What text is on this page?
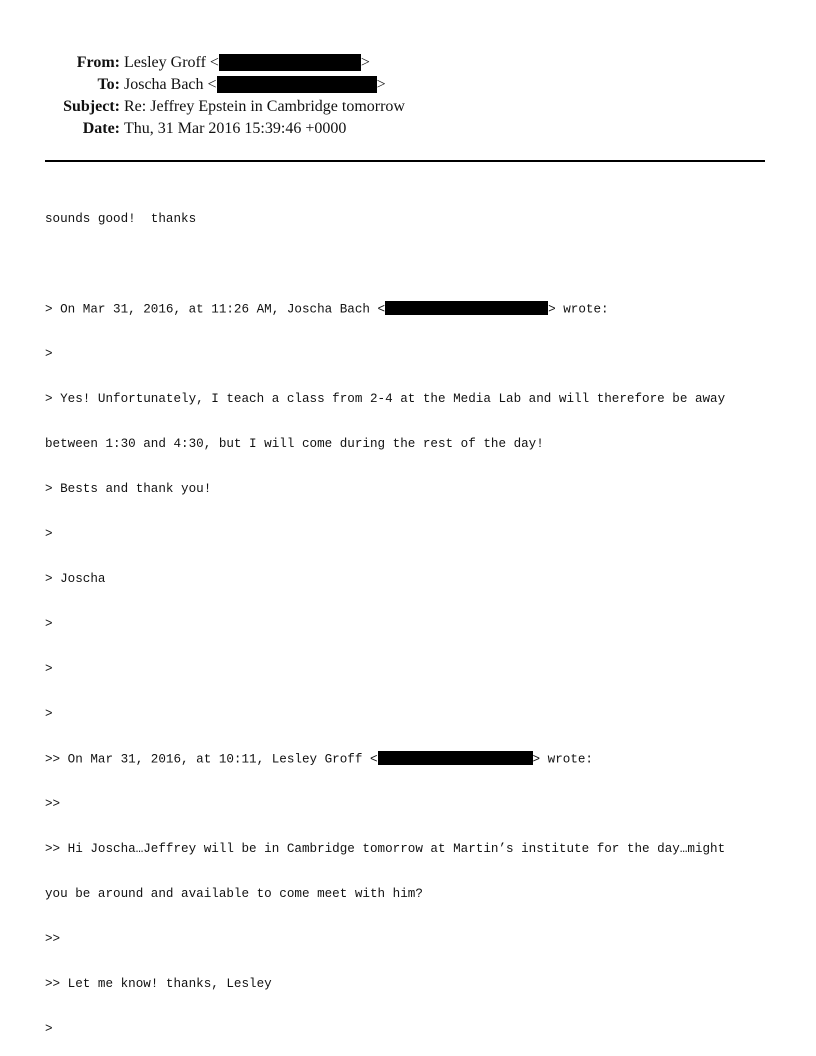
From: Lesley Groff <	>
To: Joscha Bach <	>
Subject: Re: Jeffrey Epstein in Cambridge tomorrow
Date: Thu, 31 Mar 2016 15:39:46 +0000

sounds good!  thanks

> On Mar 31, 2016, at 11:26 AM, Joscha Bach <	> wrote:

>

> Yes! Unfortunately, I teach a class from 2-4 at the Media Lab and will therefore be away

between 1:30 and 4:30, but I will come during the rest of the day!

> Bests and thank you!

>

> Joscha

>

>

>

>> On Mar 31, 2016, at 10:11, Lesley Groff <	> wrote:

>>

>> Hi Joscha…Jeffrey will be in Cambridge tomorrow at Martin’s institute for the day…might

you be around and available to come meet with him?

>>

>> Let me know! thanks, Lesley

>
